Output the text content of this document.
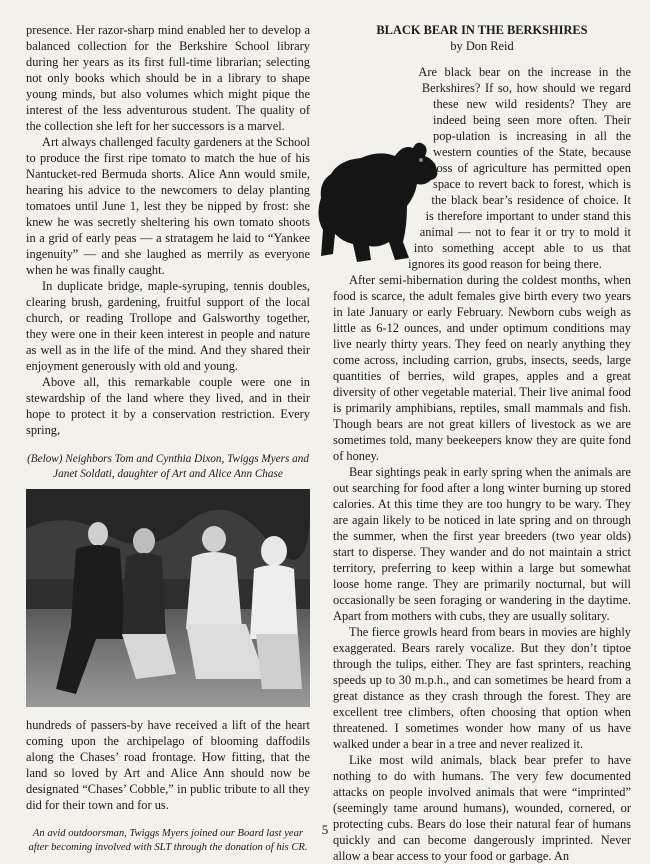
presence. Her razor-sharp mind enabled her to develop a balanced collection for the Berkshire School library during her years as its first full-time librarian; selecting not only books which should be in a library to shape young minds, but also volumes which might pique the interest of the less adventurous student. The quality of the collection she left for her successors is a marvel.

Art always challenged faculty gardeners at the School to produce the first ripe tomato to match the hue of his Nantucket-red Bermuda shorts. Alice Ann would smile, hearing his advice to the newcomers to delay planting tomatoes until June 1, lest they be nipped by frost: she knew he was secretly sheltering his own tomato shoots in a grid of early peas — a stratagem he laid to “Yankee ingenuity” — and she laughed as merrily as everyone when he was finally caught.

In duplicate bridge, maple-syruping, tennis doubles, clearing brush, gardening, fruitful support of the local church, or reading Trollope and Galsworthy together, they were one in their keen interest in people and nature as well as in the life of the mind. And they shared their enjoyment generously with old and young.

Above all, this remarkable couple were one in stewardship of the land where they lived, and in their hope to protect it by a conservation restriction. Every spring,

(Below) Neighbors Tom and Cynthia Dixon, Twiggs Myers and Janet Soldati, daughter of Art and Alice Ann Chase

hundreds of passers-by have received a lift of the heart coming upon the archipelago of blooming daffodils along the Chases’ road frontage. How fitting, that the land so loved by Art and Alice Ann should now be designated “Chases’ Cobble,” in public tribute to all they did for their town and for us.

An avid outdoorsman, Twiggs Myers joined our Board last year after becoming involved with SLT through the donation of his CR.
BLACK BEAR IN THE BERKSHIRES
by Don Reid

Are black bear on the increase in the Berkshires? If so, how should we regard these new wild residents? They are indeed being seen more often. Their pop-ulation is increasing in all the western counties of the State, because loss of agriculture has permitted open space to revert back to forest, which is the black bear’s residence of choice. It is therefore important to under stand this animal — not to fear it or try to mold it into something accept able to us that ignores its good reason for being there.

After semi-hibernation during the coldest months, when food is scarce, the adult females give birth every two years in late January or early February. Newborn cubs weigh as little as 6-12 ounces, and under optimum conditions may live nearly thirty years. They feed on nearly anything they come across, including carrion, grubs, insects, seeds, large quantities of berries, wild grapes, apples and a great diversity of other vegetable material. Their live animal food is primarily amphibians, reptiles, small mammals and fish. Though bears are not great killers of livestock as we are sometimes told, many beekeepers know they are quite fond of honey.

Bear sightings peak in early spring when the animals are out searching for food after a long winter burning up stored calories. At this time they are too hungry to be wary. They are again likely to be noticed in late spring and on through the summer, when the first year breeders (two year olds) start to disperse. They wander and do not maintain a strict territory, preferring to keep within a large but somewhat loose home range. They are primarily nocturnal, but will occasionally be seen foraging or wandering in the daytime. Apart from mothers with cubs, they are usually solitary.

The fierce growls heard from bears in movies are highly exaggerated. Bears rarely vocalize. But they don’t tiptoe through the tulips, either. They are fast sprinters, reaching speeds up to 30 m.p.h., and can sometimes be heard from a great distance as they crash through the forest. They are excellent tree climbers, often choosing that option when threatened. I sometimes wonder how many of us have walked under a bear in a tree and never realized it.

Like most wild animals, black bear prefer to have nothing to do with humans. The very few documented attacks on people involved animals that were “imprinted” (seemingly tame around humans), wounded, cornered, or protecting cubs. Bears do lose their natural fear of humans quickly and can become dangerously imprinted. Never allow a bear access to your food or garbage. An

5
